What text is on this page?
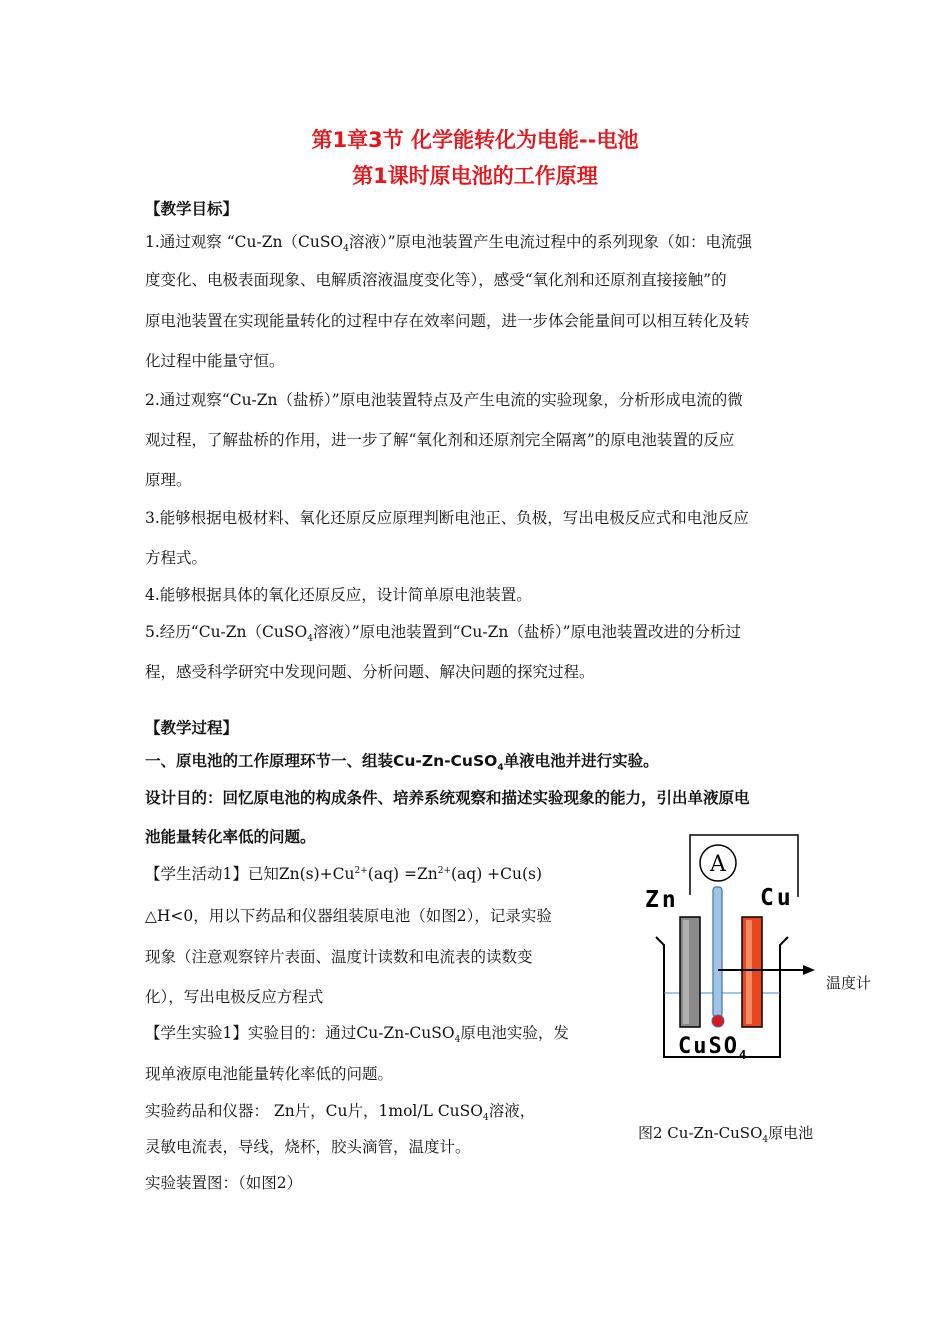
第1章3节 化学能转化为电能--电池
第1课时原电池的工作原理
【教学目标】
1.通过观察 “Cu-Zn（CuSO$_4$溶液）”原电池装置产生电流过程中的系列现象（如：电流强
度变化、电极表面现象、电解质溶液温度变化等），感受“氧化剂和还原剂直接接触”的
原电池装置在实现能量转化的过程中存在效率问题，进一步体会能量间可以相互转化及转
化过程中能量守恒。
2.通过观察“Cu-Zn（盐桥）”原电池装置特点及产生电流的实验现象，分析形成电流的微
观过程，了解盐桥的作用，进一步了解“氧化剂和还原剂完全隔离”的原电池装置的反应
原理。
3.能够根据电极材料、氧化还原反应原理判断电池正、负极，写出电极反应式和电池反应
方程式。
4.能够根据具体的氧化还原反应，设计简单原电池装置。
5.经历“Cu-Zn（CuSO$_4$溶液）”原电池装置到“Cu-Zn（盐桥）”原电池装置改进的分析过
程，感受科学研究中发现问题、分析问题、解决问题的探究过程。
【教学过程】
一、原电池的工作原理环节一、组装Cu-Zn-CuSO$_4$单液电池并进行实验。
设计目的：回忆原电池的构成条件、培养系统观察和描述实验现象的能力，引出单液原电
池能量转化率低的问题。
【学生活动1】已知$Zn(s)+Cu^{2+}(aq) =Zn^{2+}(aq) +Cu(s)$
△H<0，用以下药品和仪器组装原电池（如图2），记录实验
现象（注意观察锌片表面、温度计读数和电流表的读数变
化），写出电极反应方程式
【学生实验1】实验目的：通过Cu-Zn-CuSO$_4$原电池实验，发
现单液原电池能量转化率低的问题。
实验药品和仪器： Zn片，Cu片，1mol/L CuSO$_4$溶液，
灵敏电流表，导线，烧杯，胶头滴管，温度计。
实验装置图：（如图2）
A
Zn	Cu
CuSO$_4$
温度计
图2 Cu-Zn-CuSO$_4$原电池
